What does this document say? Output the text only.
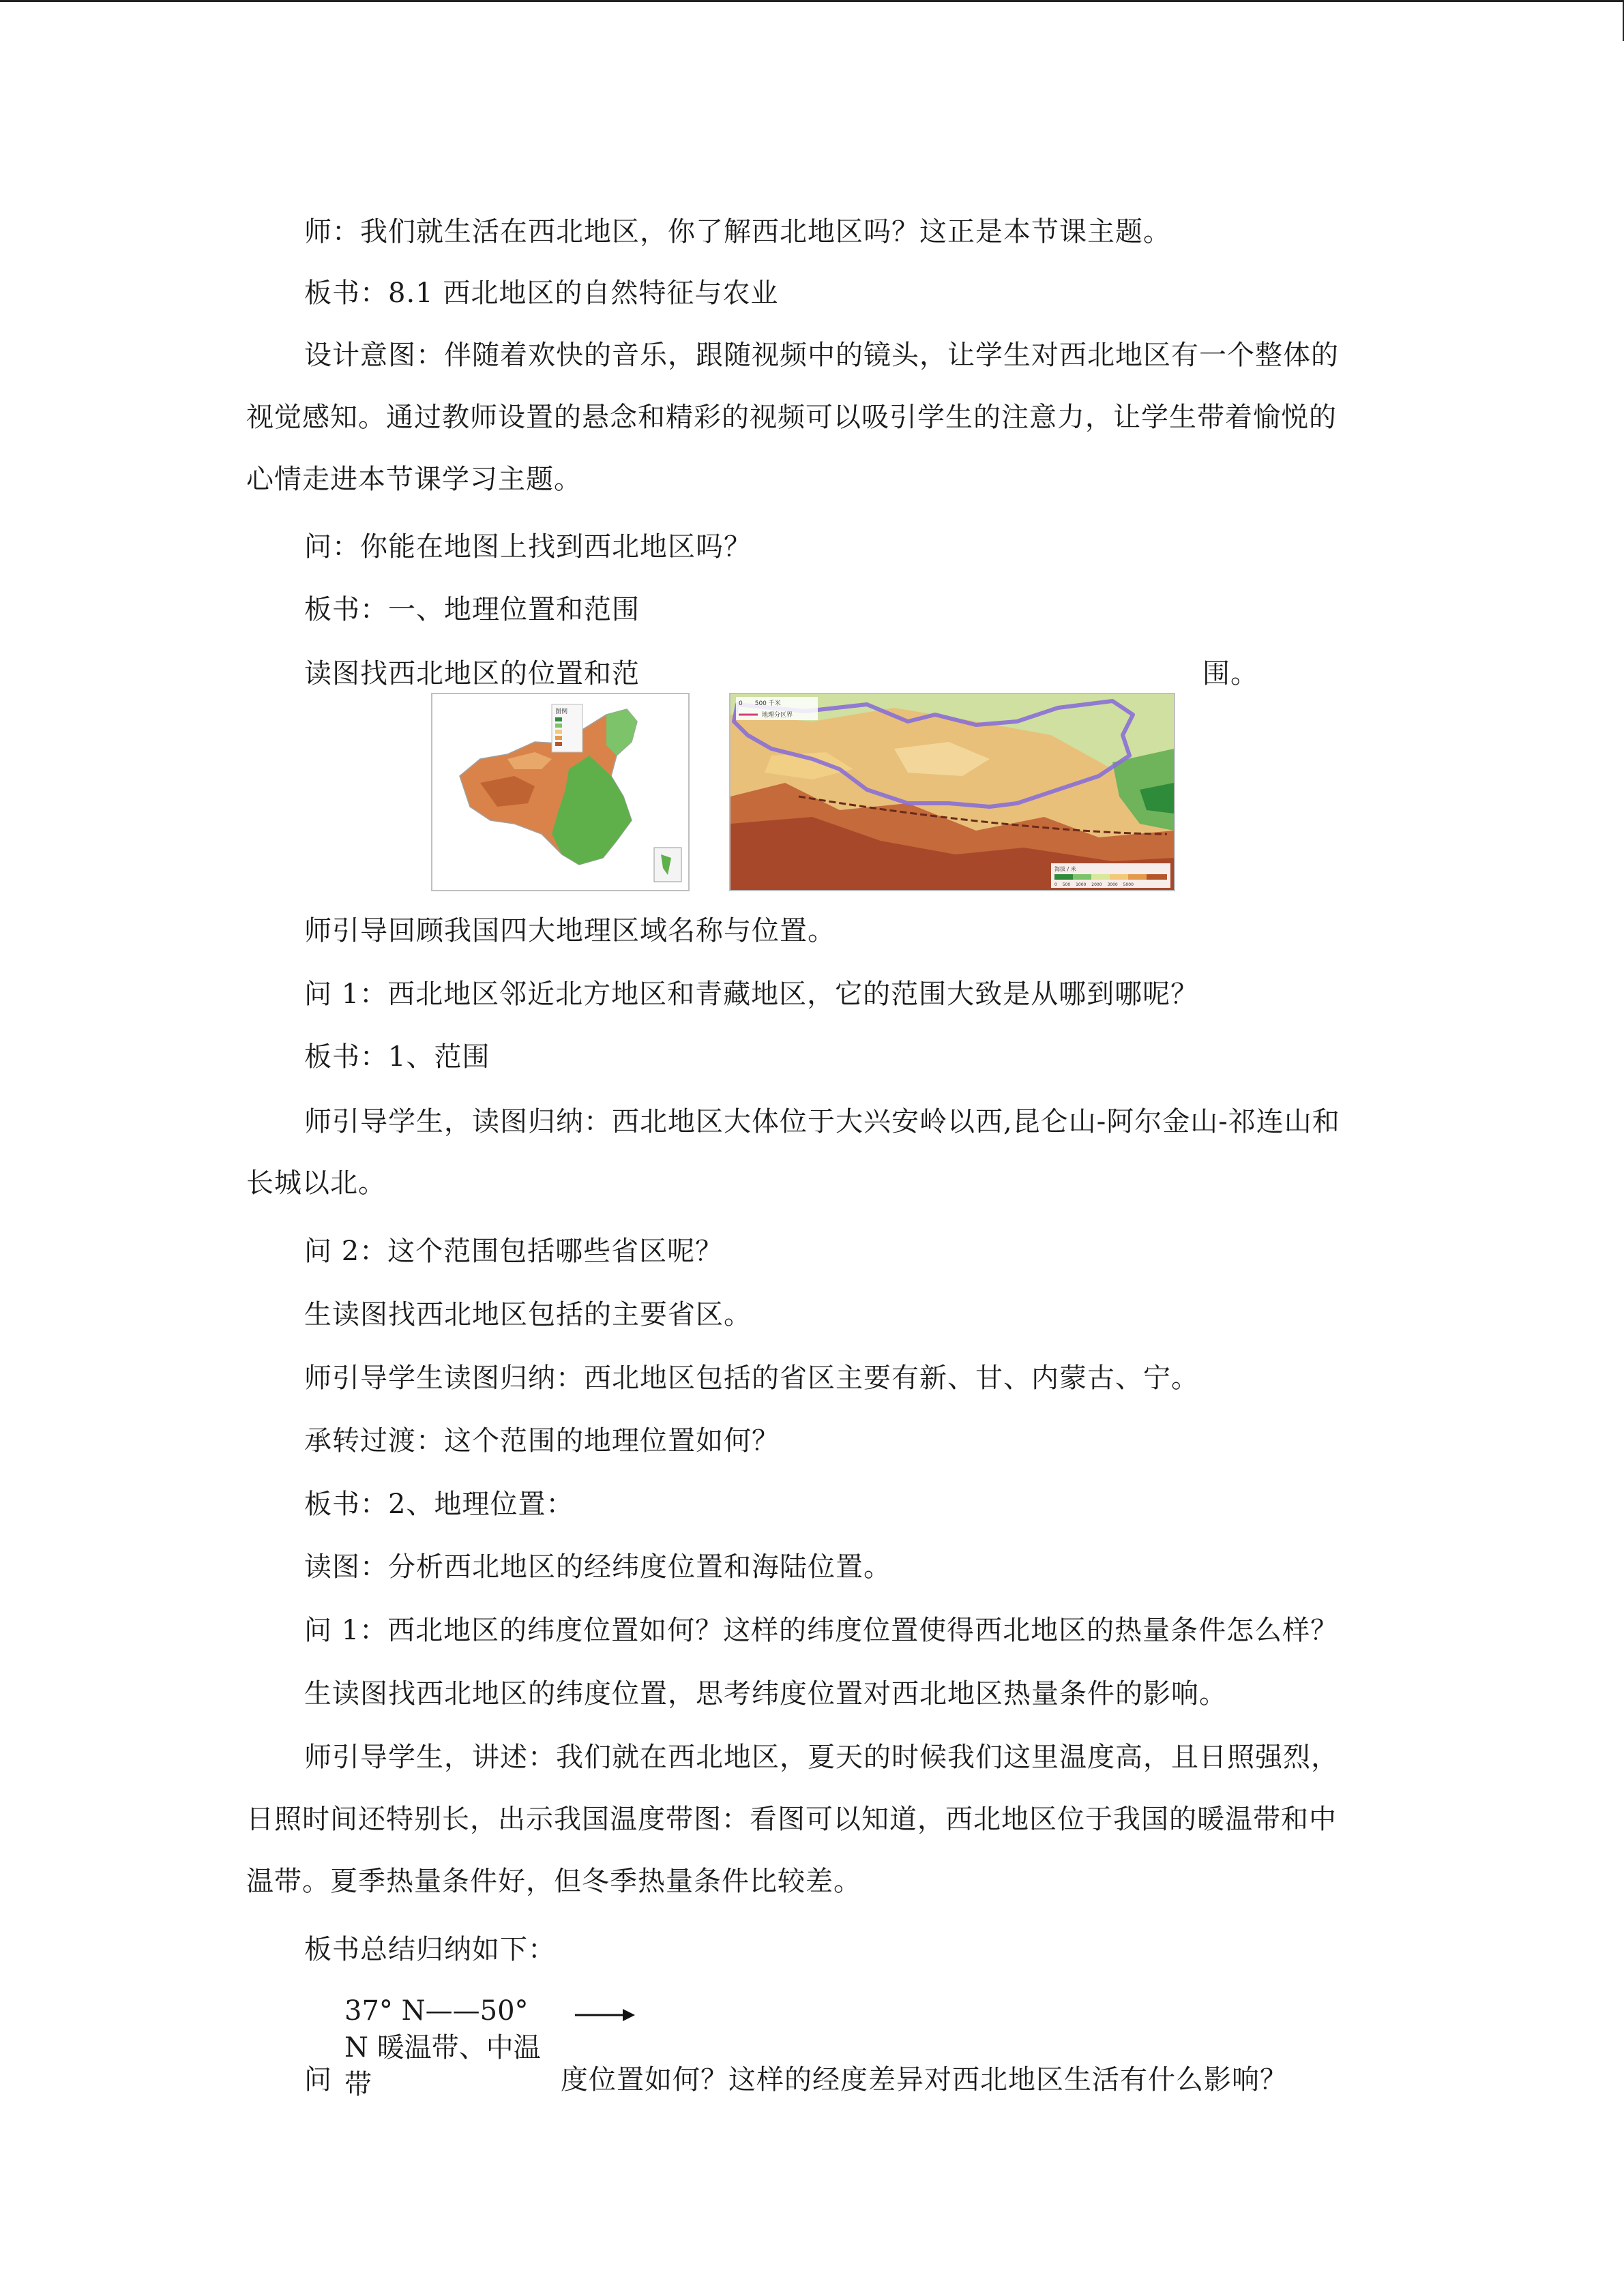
师：我们就生活在西北地区，你了解西北地区吗？这正是本节课主题。

板书：8.1 西北地区的自然特征与农业

设计意图：伴随着欢快的音乐，跟随视频中的镜头，让学生对西北地区有一个整体的

视觉感知。通过教师设置的悬念和精彩的视频可以吸引学生的注意力，让学生带着愉悦的

心情走进本节课学习主题。

问：你能在地图上找到西北地区吗？

板书：一、地理位置和范围

读图找西北地区的位置和范	围。

图例
0　　500 千米
地理分区界
海拔 / 米
0 　500 　1000 　2000 　3000 　5000

师引导回顾我国四大地理区域名称与位置。

问 1：西北地区邻近北方地区和青藏地区，它的范围大致是从哪到哪呢？

板书：1、范围

师引导学生，读图归纳：西北地区大体位于大兴安岭以西,昆仑山-阿尔金山-祁连山和

长城以北。

问 2：这个范围包括哪些省区呢？

生读图找西北地区包括的主要省区。

师引导学生读图归纳：西北地区包括的省区主要有新、甘、内蒙古、宁。

承转过渡：这个范围的地理位置如何？

板书：2、地理位置：

读图：分析西北地区的经纬度位置和海陆位置。

问 1：西北地区的纬度位置如何？这样的纬度位置使得西北地区的热量条件怎么样？

生读图找西北地区的纬度位置，思考纬度位置对西北地区热量条件的影响。

师引导学生，讲述：我们就在西北地区，夏天的时候我们这里温度高，且日照强烈，

日照时间还特别长，出示我国温度带图：看图可以知道，西北地区位于我国的暖温带和中

温带。夏季热量条件好，但冬季热量条件比较差。

板书总结归纳如下：

问	度位置如何？这样的经度差异对西北地区生活有什么影响？

37° N——50°
N 暖温带、中温
带
